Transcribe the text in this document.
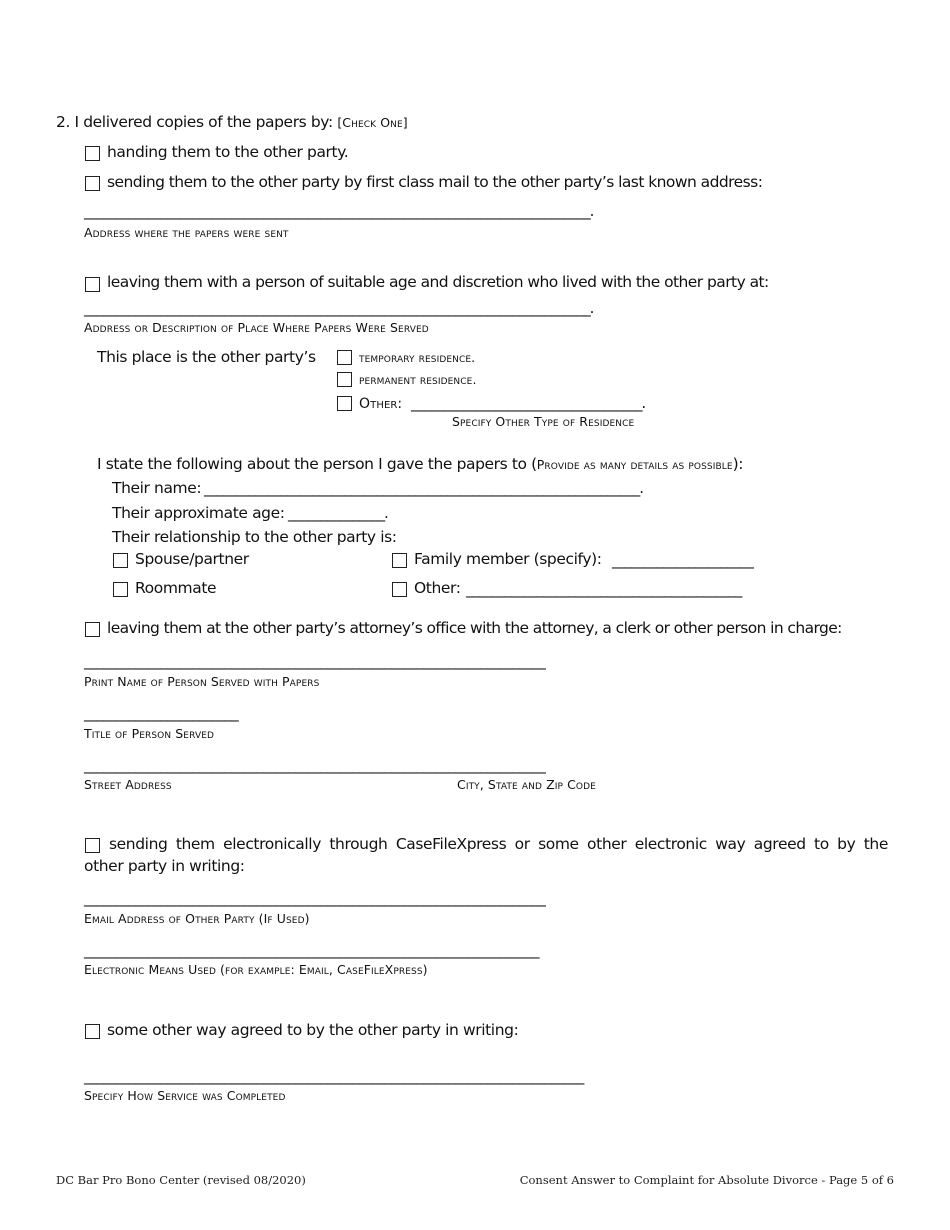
2. I delivered copies of the papers by: [Check One]
handing them to the other party.
sending them to the other party by first class mail to the other party’s last known address:
_______________________________________________________________________________.
Address where the papers were sent
leaving them with a person of suitable age and discretion who lived with the other party at:
_______________________________________________________________________________.
Address or Description of Place Where Papers Were Served
This place is the other party’s	temporary residence.
permanent residence.
Other: ____________________________________.
Specify Other Type of Residence
I state the following about the person I gave the papers to (Provide as many details as possible):
Their name: ____________________________________________________________________.
Their approximate age: _______________.
Their relationship to the other party is:
Spouse/partner	Family member (specify): ______________________
Roommate	Other: ___________________________________________
leaving them at the other party’s attorney’s office with the attorney, a clerk or other person in charge:
________________________________________________________________________
Print Name of Person Served with Papers
________________________
Title of Person Served
________________________________________________________________________
Street Address	City, State and Zip Code
sending them electronically through CaseFileXpress or some other electronic way agreed to by the
other party in writing:
________________________________________________________________________
Email Address of Other Party (If Used)
_______________________________________________________________________
Electronic Means Used (for example: Email, CaseFileXpress)
some other way agreed to by the other party in writing:
______________________________________________________________________________
Specify How Service was Completed
DC Bar Pro Bono Center (revised 08/2020)	Consent Answer to Complaint for Absolute Divorce - Page 5 of 6
